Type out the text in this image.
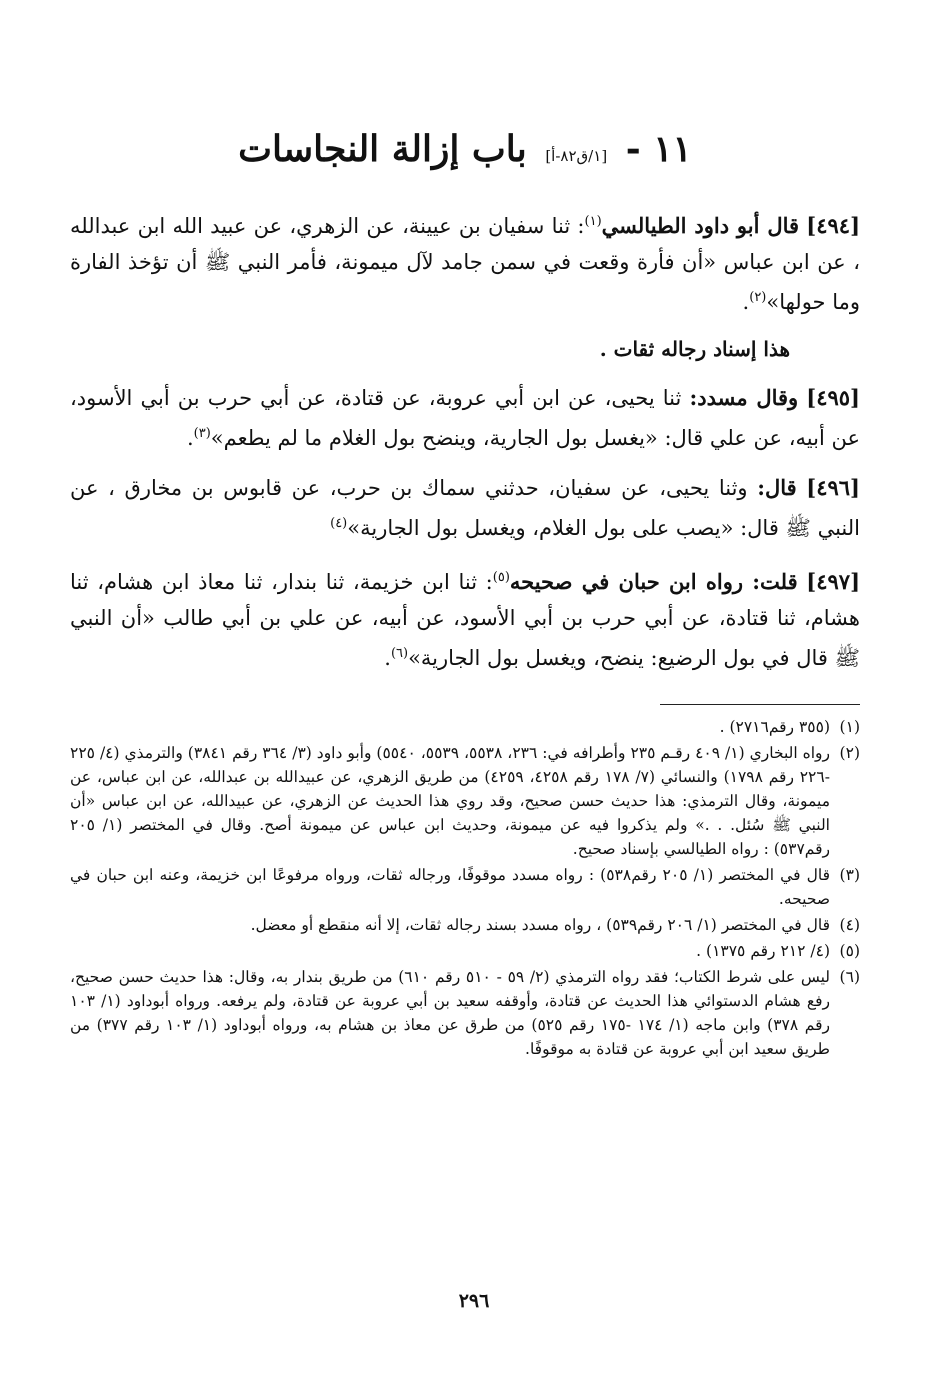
١١ - [١/ق٨٢-أ] باب إزالة النجاسات

[٤٩٤] قال أبو داود الطيالسي$^{(١)}$: ثنا سفيان بن عيينة، عن الزهري، عن عبيد الله ابن عبدالله ، عن ابن عباس «أن فأرة وقعت في سمن جامد لآل ميمونة، فأمر النبي ﷺ أن تؤخذ الفارة وما حولها»$^{(٢)}$.

هذا إسناد رجاله ثقات .

[٤٩٥] وقال مسدد: ثنا يحيى، عن ابن أبي عروبة، عن قتادة، عن أبي حرب بن أبي الأسود، عن أبيه، عن علي قال: «يغسل بول الجارية، وينضح بول الغلام ما لم يطعم»$^{(٣)}$.

[٤٩٦] قال: وثنا يحيى، عن سفيان، حدثني سماك بن حرب، عن قابوس بن مخارق ، عن النبي ﷺ قال: «يصب على بول الغلام، ويغسل بول الجارية»$^{(٤)}$

[٤٩٧] قلت: رواه ابن حبان في صحيحه$^{(٥)}$: ثنا ابن خزيمة، ثنا بندار، ثنا معاذ ابن هشام، ثنا هشام، ثنا قتادة، عن أبي حرب بن أبي الأسود، عن أبيه، عن علي بن أبي طالب «أن النبي ﷺ قال في بول الرضيع: ينضح، ويغسل بول الجارية»$^{(٦)}$.

(١)
(٣٥٥ رقم٢٧١٦) .

(٢)
رواه البخاري (١/ ٤٠٩ رقـم ٢٣٥ وأطرافه في: ٢٣٦، ٥٥٣٨، ٥٥٣٩، ٥٥٤٠) وأبو داود (٣/ ٣٦٤ رقم ٣٨٤١) والترمذي (٤/ ٢٢٥ -٢٢٦ رقم ١٧٩٨) والنسائي (٧/ ١٧٨ رقم ٤٢٥٨، ٤٢٥٩) من طريق الزهري، عن عبيدالله بن عبدالله، عن ابن عباس، عن ميمونة، وقال الترمذي: هذا حديث حسن صحيح، وقد روي هذا الحديث عن الزهري، عن عبيدالله، عن ابن عباس «أن النبي ﷺ سُئل. . .» ولم يذكروا فيه عن ميمونة، وحديث ابن عباس عن ميمونة أصح. وقال في المختصر (١/ ٢٠٥ رقم٥٣٧) : رواه الطيالسي بإسناد صحيح.

(٣)
قال في المختصر (١/ ٢٠٥ رقم٥٣٨) : رواه مسدد موقوفًا، ورجاله ثقات، ورواه مرفوعًا ابن خزيمة، وعنه ابن حبان في صحيحه.

(٤)
قال في المختصر (١/ ٢٠٦ رقم٥٣٩) ، رواه مسدد بسند رجاله ثقات، إلا أنه منقطع أو معضل.

(٥)
(٤/ ٢١٢ رقم ١٣٧٥) .

(٦)
ليس على شرط الكتاب؛ فقد رواه الترمذي (٢/ ٥٩ - ٥١٠ رقم ٦١٠) من طريق بندار به، وقال: هذا حديث حسن صحيح، رفع هشام الدستوائي هذا الحديث عن قتادة، وأوقفه سعيد بن أبي عروبة عن قتادة، ولم يرفعه. ورواه أبوداود (١/ ١٠٣ رقم ٣٧٨) وابن ماجه (١/ ١٧٤ -١٧٥ رقم ٥٢٥) من طرق عن معاذ بن هشام به، ورواه أبوداود (١/ ١٠٣ رقم ٣٧٧) من طريق سعيد ابن أبي عروبة عن قتادة به موقوفًا.

٢٩٦
